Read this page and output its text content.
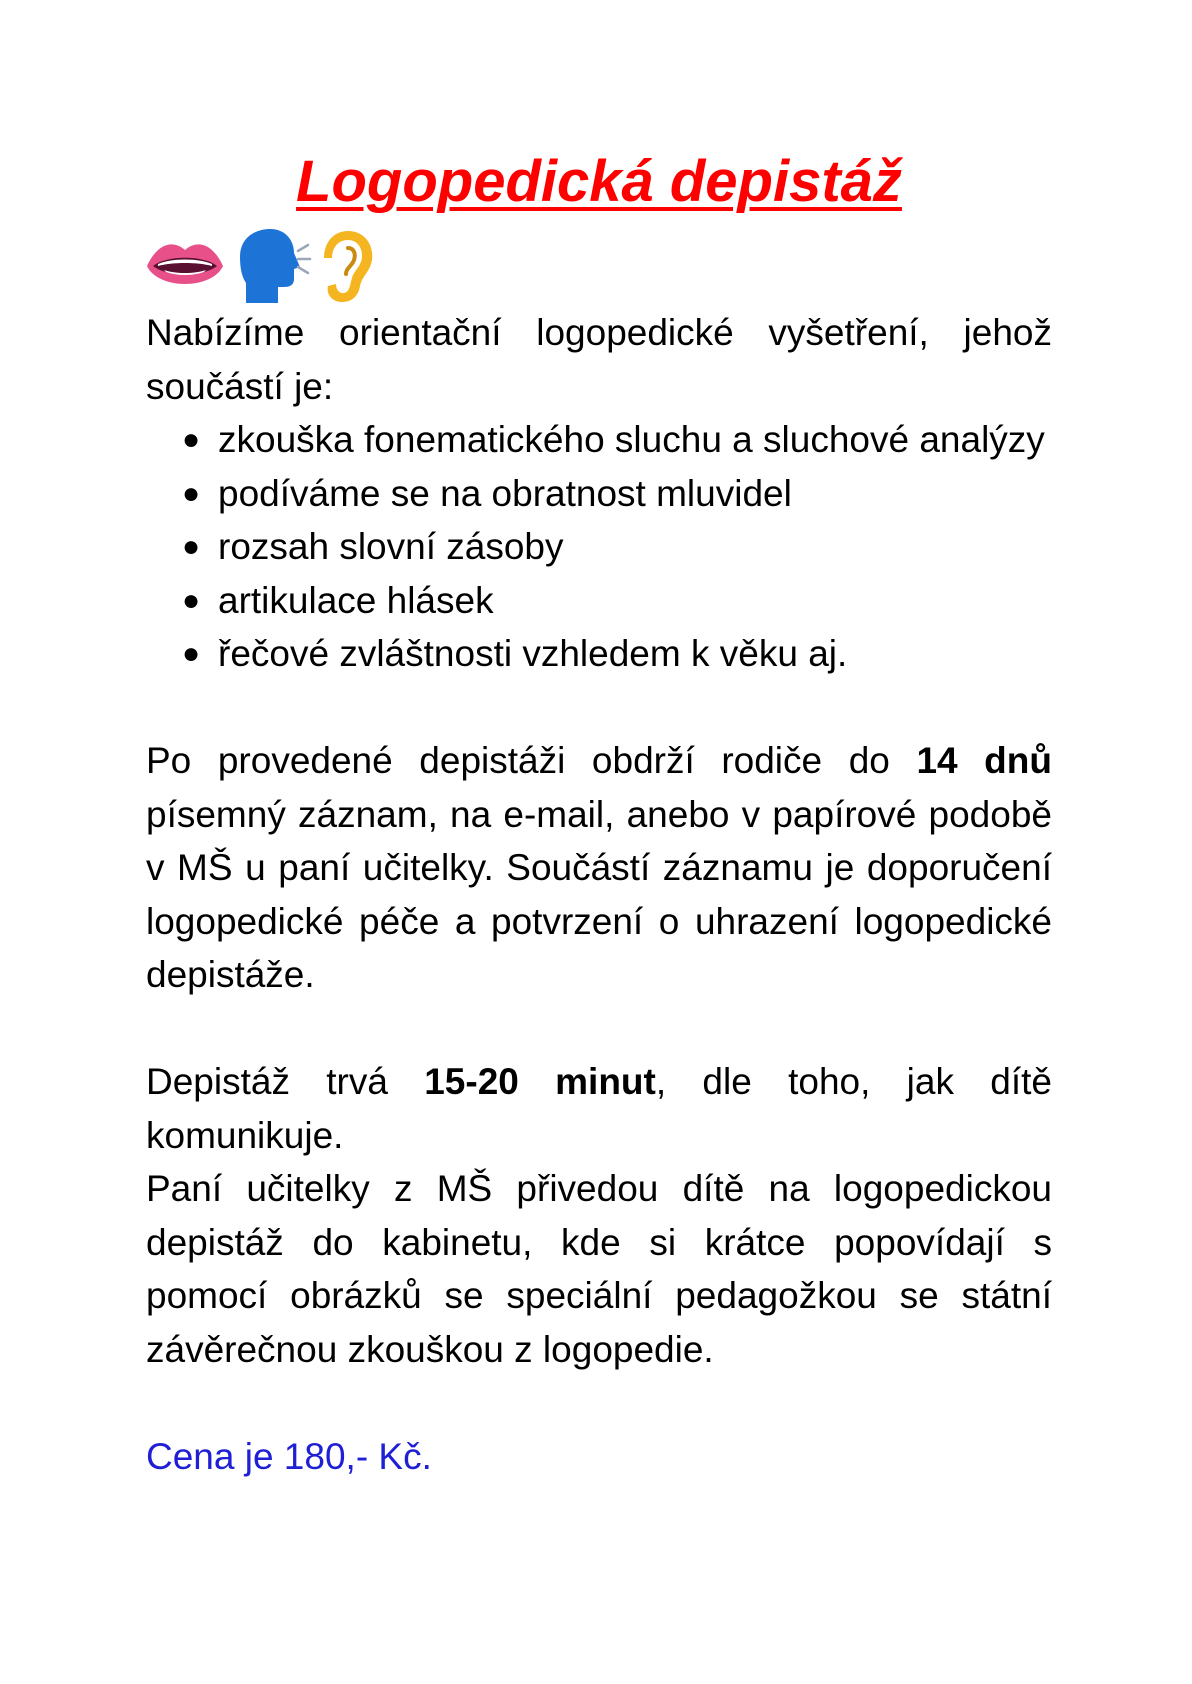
Logopedická depistáž

Nabízíme orientační logopedické vyšetření, jehož součástí je:

● zkouška fonematického sluchu a sluchové analýzy
● podíváme se na obratnost mluvidel
● rozsah slovní zásoby
● artikulace hlásek
● řečové zvláštnosti vzhledem k věku aj.

Po provedené depistáži obdrží rodiče do 14 dnů písemný záznam, na e-mail, anebo v papírové podobě v MŠ u paní učitelky. Součástí záznamu je doporučení logopedické péče a potvrzení o uhrazení logopedické depistáže.

Depistáž trvá 15-20 minut, dle toho, jak dítě komunikuje.

Paní učitelky z MŠ přivedou dítě na logopedickou depistáž do kabinetu, kde si krátce popovídají s pomocí obrázků se speciální pedagožkou se státní závěrečnou zkouškou z logopedie.

Cena je 180,- Kč.
